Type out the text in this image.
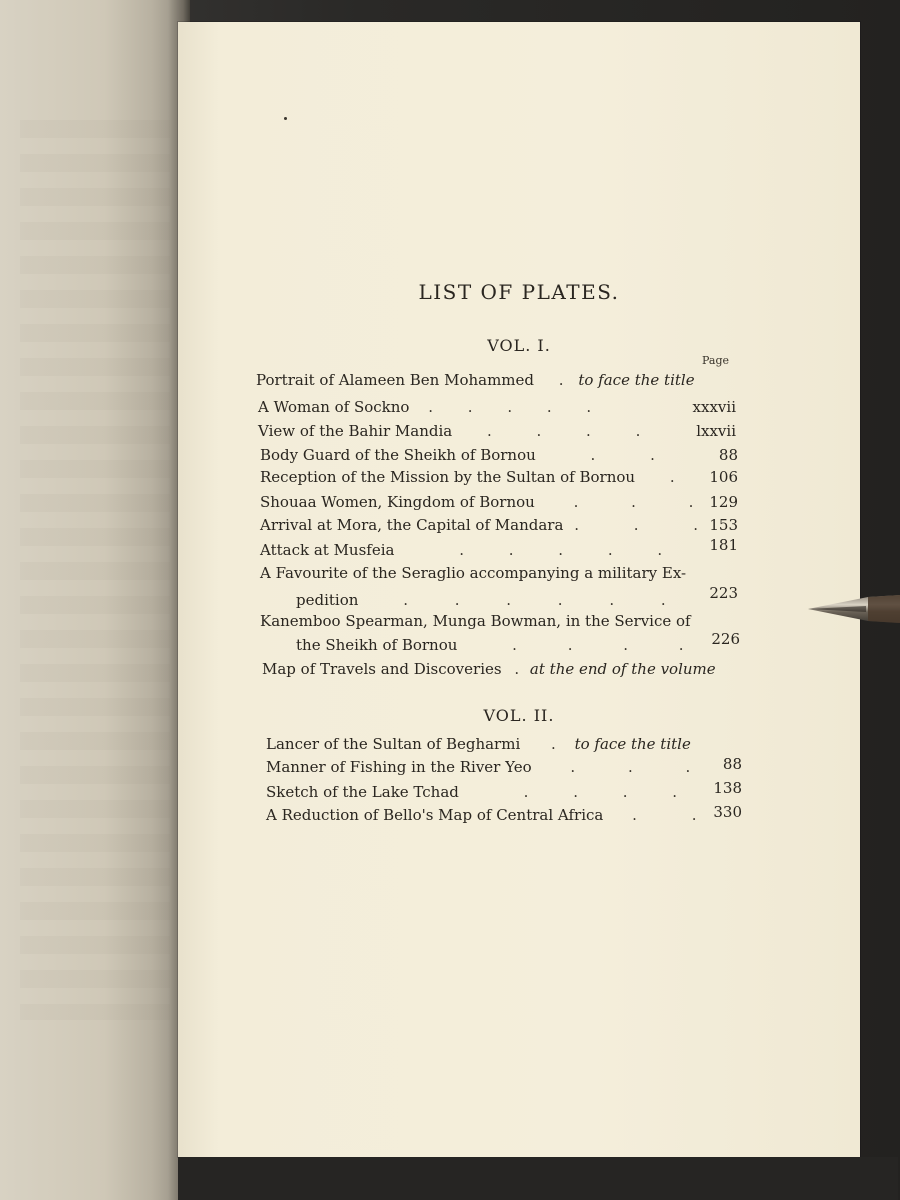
LIST OF PLATES.
VOL. I.
Page
Portrait of Alameen Ben Mohammed . to face the title
A Woman of Sockno . . . . .	xxxvii
View of the Bahir Mandia . . . .	lxxvii
Body Guard of the Sheikh of Bornou	. .	88
Reception of the Mission by the Sultan of Bornou . 106
Shouaa Women, Kingdom of Bornou	. . . 129
Arrival at Mora, the Capital of Mandara . . . 153
Attack at Musfeia	. . . . .	181
A Favourite of the Seraglio accompanying a military Ex-
pedition	. . . . . .	223
Kanemboo Spearman, Munga Bowman, in the Service of
the Sheikh of Bornou	. . . . 226
Map of Travels and Discoveries . at the end of the volume
VOL. II.
Lancer of the Sultan of Begharmi . to face the title
Manner of Fishing in the River Yeo	. . . 88
Sketch of the Lake Tchad	. . . . 138
A Reduction of Bello's Map of Central Africa . . 330
